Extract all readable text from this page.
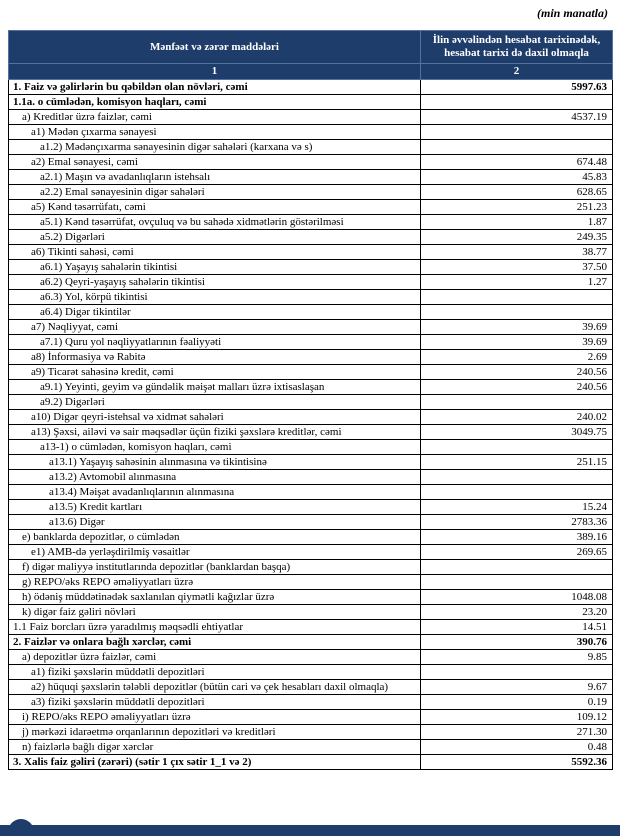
(min manatla)
Mənfəət və zərər maddələri	İlin əvvəlindən hesabat tarixinədək, hesabat tarixi də daxil olmaqla
1	2
1. Faiz və gəlirlərin bu qəbildən olan növləri, cəmi	5997.63
1.1a. o cümlədən, komisyon haqları, cəmi	
a) Kreditlər üzrə faizlər, cəmi	4537.19
a1) Mədən çıxarma sənayesi	
a1.2) Mədənçıxarma sənayesinin digər sahələri (karxana və s)	
a2) Emal sənayesi, cəmi	674.48
a2.1) Maşın və avadanlıqların istehsalı	45.83
a2.2) Emal sənayesinin digər sahələri	628.65
a5) Kənd təsərrüfatı, cəmi	251.23
a5.1) Kənd təsərrüfat, ovçuluq və bu sahədə xidmətlərin göstərilməsi	1.87
a5.2) Digərləri	249.35
a6) Tikinti sahəsi, cəmi	38.77
a6.1) Yaşayış sahələrin tikintisi	37.50
a6.2) Qeyri-yaşayış sahələrin tikintisi	1.27
a6.3) Yol, körpü tikintisi	
a6.4) Digər tikintilər	
a7) Nəqliyyat, cəmi	39.69
a7.1) Quru yol nəqliyyatlarının fəaliyyəti	39.69
a8) İnformasiya və Rabitə	2.69
a9) Ticarət sahəsinə kredit, cəmi	240.56
a9.1) Yeyinti, geyim və gündəlik məişət malları üzrə ixtisaslaşan	240.56
a9.2) Digərləri	
a10) Digər qeyri-istehsal və xidmət sahələri	240.02
a13) Şəxsi, ailəvi və sair məqsədlər üçün fiziki şəxslərə kreditlər, cəmi	3049.75
a13-1) o cümlədən, komisyon haqları, cəmi	
a13.1) Yaşayış sahəsinin alınmasına və tikintisinə	251.15
a13.2) Avtomobil alınmasına	
a13.4) Məişət avadanlıqlarının alınmasına	
a13.5) Kredit kartları	15.24
a13.6) Digər	2783.36
e) banklarda depozitlər, o cümlədən	389.16
e1) AMB-də yerləşdirilmiş vəsaitlər	269.65
f) digər maliyyə institutlarında depozitlər (banklardan başqa)	
g) REPO/əks REPO əməliyyatları üzrə	
h) ödəniş müddətinədək saxlanılan qiymətli kağızlar üzrə	1048.08
k) digər faiz gəliri növləri	23.20
1.1 Faiz borcları üzrə yaradılmış məqsədli ehtiyatlar	14.51
2. Faizlər və onlara bağlı xərclər, cəmi	390.76
a) depozitlər üzrə faizlər, cəmi	9.85
a1) fiziki şəxslərin müddətli depozitləri	
a2) hüquqi şəxslərin tələbli depozitlər (bütün cari və çek hesabları daxil olmaqla)	9.67
a3) fiziki şəxslərin müddətli depozitləri	0.19
i) REPO/əks REPO əməliyyatları üzrə	109.12
j) mərkəzi idarəetmə orqanlarının depozitləri və kreditləri	271.30
n) faizlərlə bağlı digər xərclər	0.48
3. Xalis faiz gəliri (zərəri) (sətir 1 çıx sətir 1_1 və 2)	5592.36
